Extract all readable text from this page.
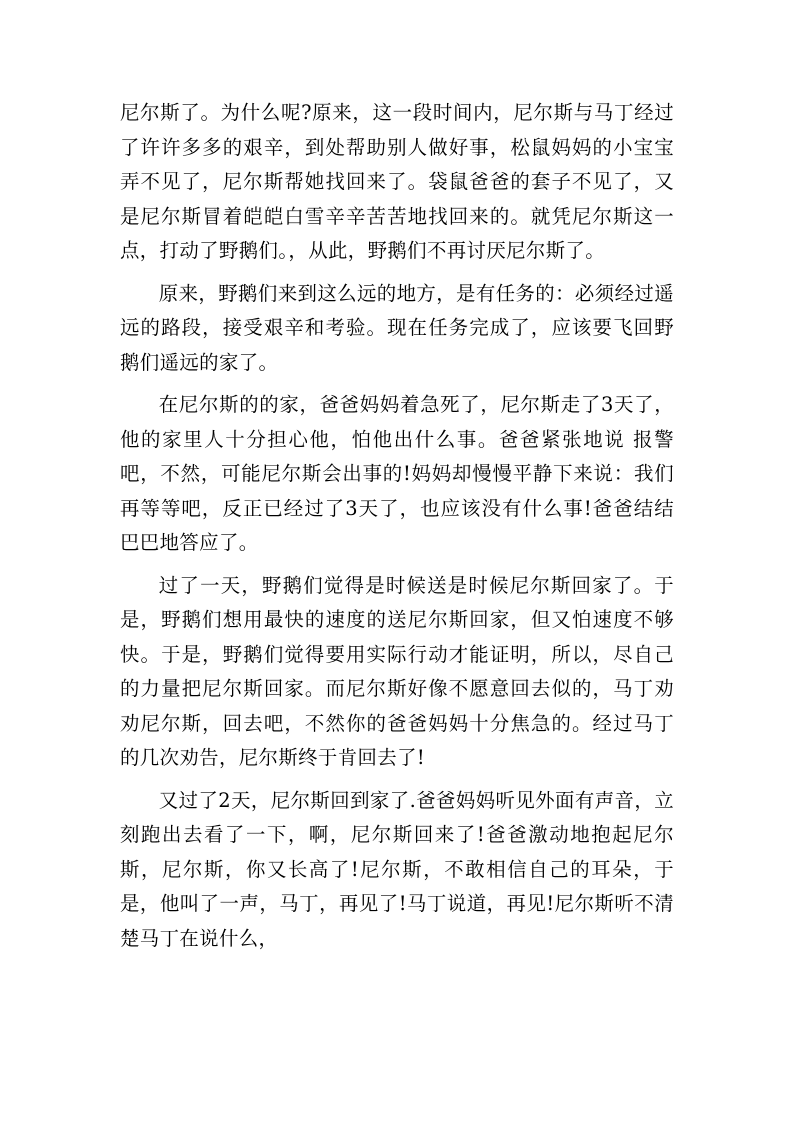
尼尔斯了。为什么呢?原来，这一段时间内，尼尔斯与马丁经过了许许多多的艰辛，到处帮助别人做好事，松鼠妈妈的小宝宝弄不见了，尼尔斯帮她找回来了。袋鼠爸爸的套子不见了，又是尼尔斯冒着皑皑白雪辛辛苦苦地找回来的。就凭尼尔斯这一点，打动了野鹅们。，从此，野鹅们不再讨厌尼尔斯了。

原来，野鹅们来到这么远的地方，是有任务的：必须经过遥远的路段，接受艰辛和考验。现在任务完成了，应该要飞回野鹅们遥远的家了。

在尼尔斯的的家，爸爸妈妈着急死了，尼尔斯走了3天了，他的家里人十分担心他，怕他出什么事。爸爸紧张地说 报警吧，不然，可能尼尔斯会出事的!妈妈却慢慢平静下来说：我们再等等吧，反正已经过了3天了，也应该没有什么事!爸爸结结巴巴地答应了。

过了一天，野鹅们觉得是时候送是时候尼尔斯回家了。于是，野鹅们想用最快的速度的送尼尔斯回家，但又怕速度不够快。于是，野鹅们觉得要用实际行动才能证明，所以，尽自己的力量把尼尔斯回家。而尼尔斯好像不愿意回去似的，马丁劝劝尼尔斯，回去吧，不然你的爸爸妈妈十分焦急的。经过马丁的几次劝告，尼尔斯终于肯回去了!

又过了2天，尼尔斯回到家了.爸爸妈妈听见外面有声音，立刻跑出去看了一下，啊，尼尔斯回来了!爸爸激动地抱起尼尔斯，尼尔斯，你又长高了!尼尔斯，不敢相信自己的耳朵，于是，他叫了一声，马丁，再见了!马丁说道，再见!尼尔斯听不清楚马丁在说什么，
